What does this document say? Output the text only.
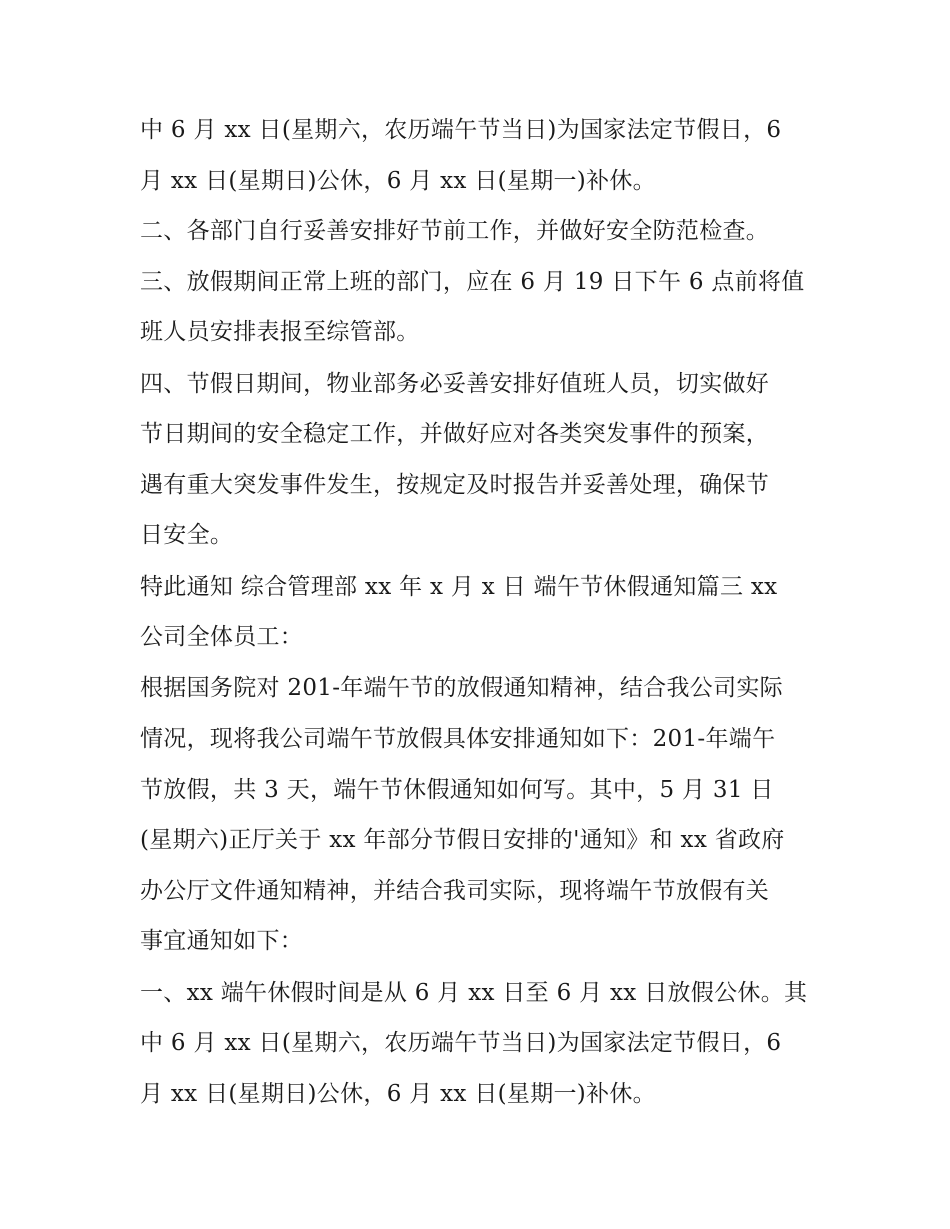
中 6 月 xx 日(星期六，农历端午节当日)为国家法定节假日，6
月 xx 日(星期日)公休，6 月 xx 日(星期一)补休。
二、各部门自行妥善安排好节前工作，并做好安全防范检查。
三、放假期间正常上班的部门，应在 6 月 19 日下午 6 点前将值
班人员安排表报至综管部。
四、节假日期间，物业部务必妥善安排好值班人员，切实做好
节日期间的安全稳定工作，并做好应对各类突发事件的预案，
遇有重大突发事件发生，按规定及时报告并妥善处理，确保节
日安全。
特此通知 综合管理部 xx 年 x 月 x 日 端午节休假通知篇三 xx
公司全体员工：
根据国务院对 201-年端午节的放假通知精神，结合我公司实际
情况，现将我公司端午节放假具体安排通知如下：201-年端午
节放假，共 3 天，端午节休假通知如何写。其中，5 月 31 日
(星期六)正厅关于 xx 年部分节假日安排的'通知》和 xx 省政府
办公厅文件通知精神，并结合我司实际，现将端午节放假有关
事宜通知如下：
一、xx 端午休假时间是从 6 月 xx 日至 6 月 xx 日放假公休。其
中 6 月 xx 日(星期六，农历端午节当日)为国家法定节假日，6
月 xx 日(星期日)公休，6 月 xx 日(星期一)补休。
